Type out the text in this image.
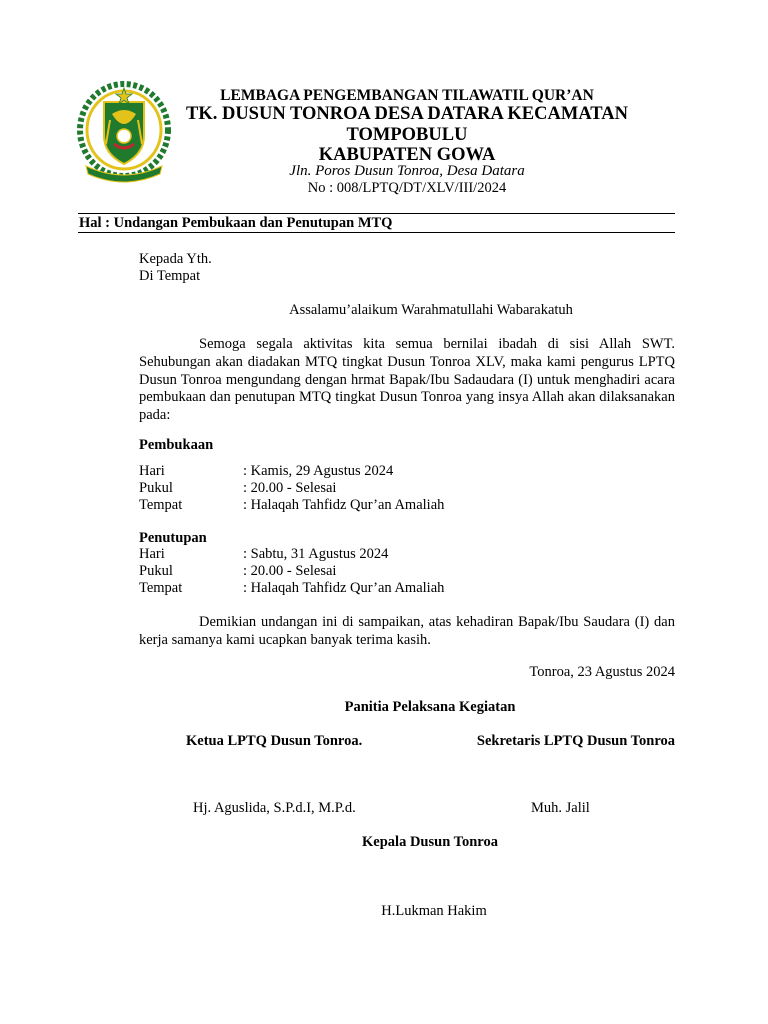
LEMBAGA PENGEMBANGAN TILAWATIL QUR’AN
TK. DUSUN TONROA DESA DATARA KECAMATAN
TOMPOBULU
KABUPATEN GOWA
Jln. Poros Dusun Tonroa, Desa Datara
No : 008/LPTQ/DT/XLV/III/2024
Hal : Undangan Pembukaan dan Penutupan MTQ
Kepada Yth.
Di Tempat
Assalamu’alaikum Warahmatullahi Wabarakatuh
Semoga segala aktivitas kita semua bernilai ibadah di sisi Allah SWT. Sehubungan akan diadakan MTQ tingkat Dusun Tonroa XLV, maka kami pengurus LPTQ Dusun Tonroa mengundang dengan hrmat Bapak/Ibu Sadaudara (I) untuk menghadiri acara pembukaan dan penutupan MTQ tingkat Dusun Tonroa yang insya Allah akan dilaksanakan pada:
Pembukaan
Hari	: Kamis, 29 Agustus 2024
Pukul	: 20.00 - Selesai
Tempat	: Halaqah Tahfidz Qur’an Amaliah
Penutupan
Hari	: Sabtu, 31 Agustus 2024
Pukul	: 20.00 - Selesai
Tempat	: Halaqah Tahfidz Qur’an Amaliah
Demikian undangan ini di sampaikan, atas kehadiran Bapak/Ibu Saudara (I) dan kerja samanya kami ucapkan banyak terima kasih.
Tonroa, 23 Agustus 2024
Panitia Pelaksana Kegiatan
Ketua LPTQ Dusun Tonroa.	Sekretaris LPTQ Dusun Tonroa
Hj. Aguslida, S.P.d.I, M.P.d.	Muh. Jalil
Kepala Dusun Tonroa
H.Lukman Hakim
